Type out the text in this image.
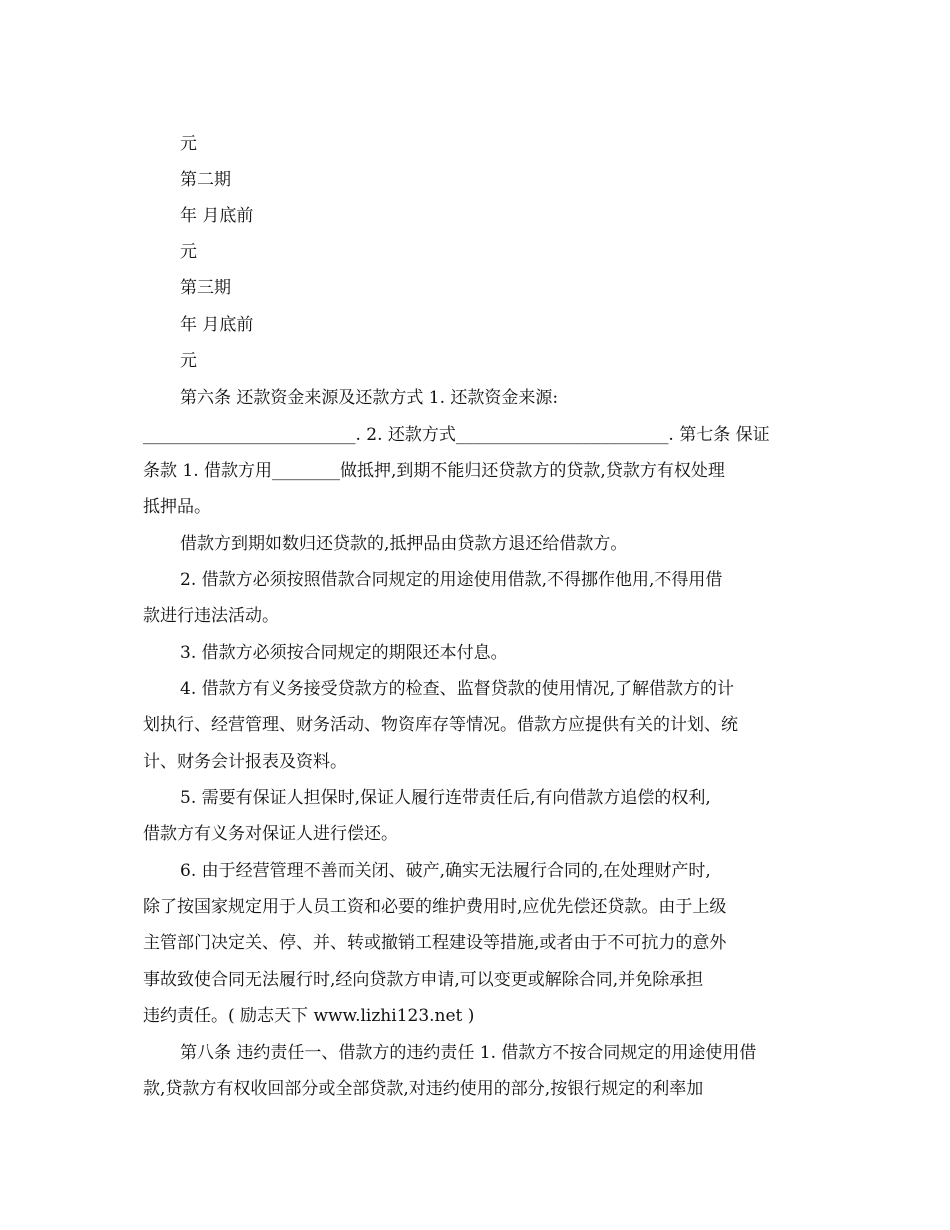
元

第二期

年 月底前

元

第三期

年 月底前

元

第六条 还款资金来源及还款方式 1. 还款资金来源:

_________________________. 2. 还款方式_________________________. 第七条 保证

条款 1. 借款方用________做抵押,到期不能归还贷款方的贷款,贷款方有权处理

抵押品。

借款方到期如数归还贷款的,抵押品由贷款方退还给借款方。

2. 借款方必须按照借款合同规定的用途使用借款,不得挪作他用,不得用借

款进行违法活动。

3. 借款方必须按合同规定的期限还本付息。

4. 借款方有义务接受贷款方的检查、监督贷款的使用情况,了解借款方的计

划执行、经营管理、财务活动、物资库存等情况。借款方应提供有关的计划、统

计、财务会计报表及资料。

5. 需要有保证人担保时,保证人履行连带责任后,有向借款方追偿的权利,

借款方有义务对保证人进行偿还。

6. 由于经营管理不善而关闭、破产,确实无法履行合同的,在处理财产时,

除了按国家规定用于人员工资和必要的维护费用时,应优先偿还贷款。由于上级

主管部门决定关、停、并、转或撤销工程建设等措施,或者由于不可抗力的意外

事故致使合同无法履行时,经向贷款方申请,可以变更或解除合同,并免除承担

违约责任。( 励志天下 www.lizhi123.net )

第八条 违约责任一、借款方的违约责任 1. 借款方不按合同规定的用途使用借

款,贷款方有权收回部分或全部贷款,对违约使用的部分,按银行规定的利率加
